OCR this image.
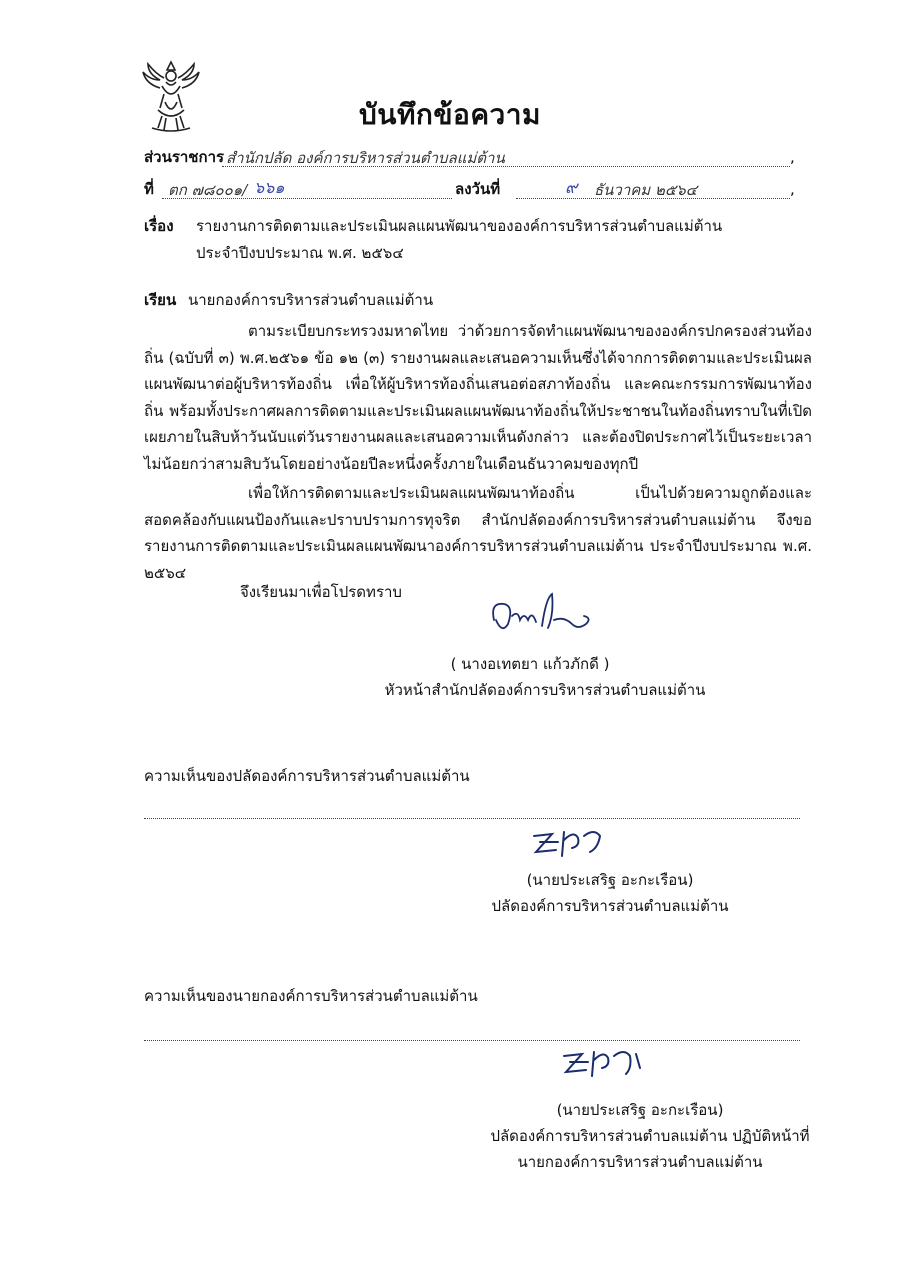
บันทึกข้อความ
ส่วนราชการ สำนักปลัด องค์การบริหารส่วนตำบลแม่ต้าน	,
ที่ ตก ๗๘๐๐๑/ ๖๖๑	ลงวันที่	๙ ธันวาคม ๒๕๖๔	,
เรื่อง รายงานการติดตามและประเมินผลแผนพัฒนาขององค์การบริหารส่วนตำบลแม่ต้าน
ประจำปีงบประมาณ พ.ศ. ๒๕๖๔
เรียน นายกองค์การบริหารส่วนตำบลแม่ต้าน
ตามระเบียบกระทรวงมหาดไทย ว่าด้วยการจัดทำแผนพัฒนาขององค์กรปกครองส่วนท้องถิ่น (ฉบับที่ ๓) พ.ศ.๒๕๖๑ ข้อ ๑๒ (๓) รายงานผลและเสนอความเห็นซึ่งได้จากการติดตามและประเมินผลแผนพัฒนาต่อผู้บริหารท้องถิ่น เพื่อให้ผู้บริหารท้องถิ่นเสนอต่อสภาท้องถิ่น และคณะกรรมการพัฒนาท้องถิ่น พร้อมทั้งประกาศผลการติดตามและประเมินผลแผนพัฒนาท้องถิ่นให้ประชาชนในท้องถิ่นทราบในที่เปิดเผยภายในสิบห้าวันนับแต่วันรายงานผลและเสนอความเห็นดังกล่าว และต้องปิดประกาศไว้เป็นระยะเวลาไม่น้อยกว่าสามสิบวันโดยอย่างน้อยปีละหนึ่งครั้งภายในเดือนธันวาคมของทุกปี
เพื่อให้การติดตามและประเมินผลแผนพัฒนาท้องถิ่น เป็นไปด้วยความถูกต้องและสอดคล้องกับแผนป้องกันและปราบปรามการทุจริต สำนักปลัดองค์การบริหารส่วนตำบลแม่ต้าน จึงขอรายงานการติดตามและประเมินผลแผนพัฒนาองค์การบริหารส่วนตำบลแม่ต้าน ประจำปีงบประมาณ พ.ศ. ๒๕๖๔
จึงเรียนมาเพื่อโปรดทราบ
( นางอเทตยา แก้วภักดี )
หัวหน้าสำนักปลัดองค์การบริหารส่วนตำบลแม่ต้าน
ความเห็นของปลัดองค์การบริหารส่วนตำบลแม่ต้าน
(นายประเสริฐ อะกะเรือน)
ปลัดองค์การบริหารส่วนตำบลแม่ต้าน
ความเห็นของนายกองค์การบริหารส่วนตำบลแม่ต้าน
(นายประเสริฐ อะกะเรือน)
ปลัดองค์การบริหารส่วนตำบลแม่ต้าน ปฏิบัติหน้าที่
นายกองค์การบริหารส่วนตำบลแม่ต้าน
